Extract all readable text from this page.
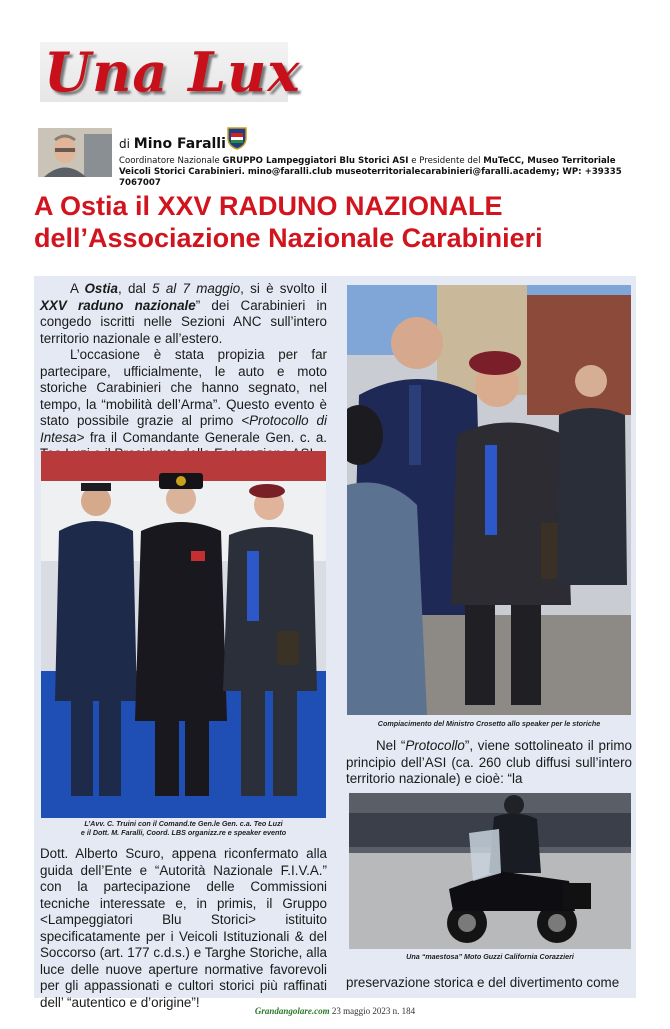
Una Lux
di Mino Faralli
Coordinatore Nazionale GRUPPO Lampeggiatori Blu Storici ASI e Presidente del MuTeCC, Museo Territoriale Veicoli Storici Carabinieri. mino@faralli.club museoterritorialecarabinieri@faralli.academy; WP: +39335 7067007
A Ostia il XXV RADUNO NAZIONALE
dell’Associazione Nazionale Carabinieri

A Ostia, dal 5 al 7 maggio, si è svolto il XXV raduno nazionale” dei Carabinieri in congedo iscritti nelle Sezioni ANC sull’intero territorio nazionale e all’estero.

L’occasione è stata propizia per far partecipare, ufficialmente, le auto e moto storiche Carabinieri che hanno segnato, nel tempo, la “mobilità dell’Arma”. Questo evento è stato possibile grazie al primo <Protocollo di Intesa> fra il Comandante Generale Gen. c. a.

L’Avv. C. Truini con il Comand.te Gen.le Gen. c.a. Teo Luzi
e il Dott. M. Faralli, Coord. LBS organizz.re e speaker evento

Dott. Alberto Scuro, appena riconfermato alla guida dell’Ente e “Autorità Nazionale F.I.V.A.” con la partecipazione delle Commissioni tecniche interessate e, in primis, il Gruppo <Lampeggiatori Blu Storici> istituito specificatamente per i Veicoli Istituzionali & del Soccorso (art. 177 c.d.s.) e Targhe Storiche, alla luce delle nuove aperture normative favorevoli per gli appassionati e cultori storici più raffinati dell’ “autentico e d’origine”!

Compiacimento del Ministro Crosetto allo speaker per le storiche

Nel “Protocollo”, viene sottolineato il primo principio dell’ASI (ca. 260 club diffusi sull’intero territorio nazionale) e cioè: “la

Una “maestosa” Moto Guzzi California Corazzieri

preservazione storica e del divertimento come

Grandangolare.com 23 maggio 2023 n. 184
